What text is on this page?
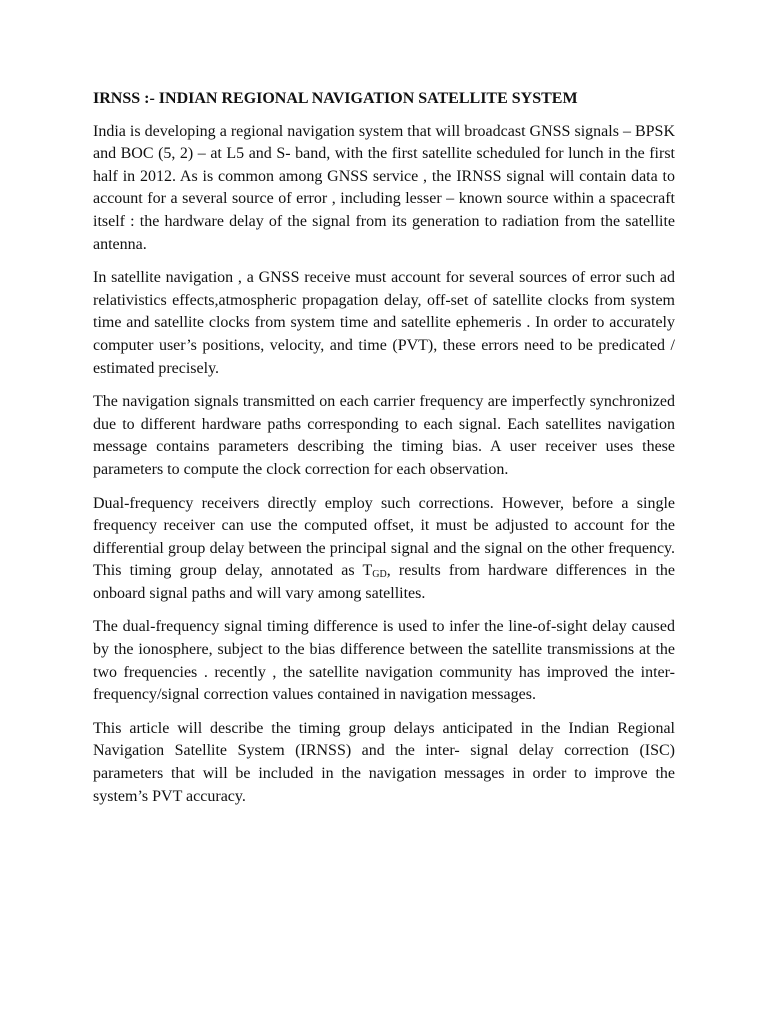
IRNSS :- INDIAN REGIONAL NAVIGATION SATELLITE SYSTEM

India is developing a regional navigation system that will broadcast GNSS signals – BPSK and BOC (5, 2) – at L5 and S- band, with the first satellite scheduled for lunch in the first half in 2012. As is common among GNSS service , the IRNSS signal will contain data to account for a several source of error , including lesser – known source within a spacecraft itself : the hardware delay of the signal from its generation to radiation from the satellite antenna.

In satellite navigation , a GNSS receive must account for several sources of error such ad relativistics effects,atmospheric propagation delay, off-set of satellite clocks from system time and satellite clocks from system time and satellite ephemeris . In order to accurately computer user’s positions, velocity, and time (PVT), these errors need to be predicated / estimated precisely.

The navigation signals transmitted on each carrier frequency are imperfectly synchronized due to different hardware paths corresponding to each signal. Each satellites navigation message contains parameters describing the timing bias. A user receiver uses these parameters to compute the clock correction for each observation.

Dual-frequency receivers directly employ such corrections. However, before a single frequency receiver can use the computed offset, it must be adjusted to account for the differential group delay between the principal signal and the signal on the other frequency. This timing group delay, annotated as $T_{GD}$, results from hardware differences in the onboard signal paths and will vary among satellites.

The dual-frequency signal timing difference is used to infer the line-of-sight delay caused by the ionosphere, subject to the bias difference between the satellite transmissions at the two frequencies . recently , the satellite navigation community has improved the inter-frequency/signal correction values contained in navigation messages.

This article will describe the timing group delays anticipated in the Indian Regional Navigation Satellite System (IRNSS) and the inter- signal delay correction (ISC) parameters that will be included in the navigation messages in order to improve the system’s PVT accuracy.
